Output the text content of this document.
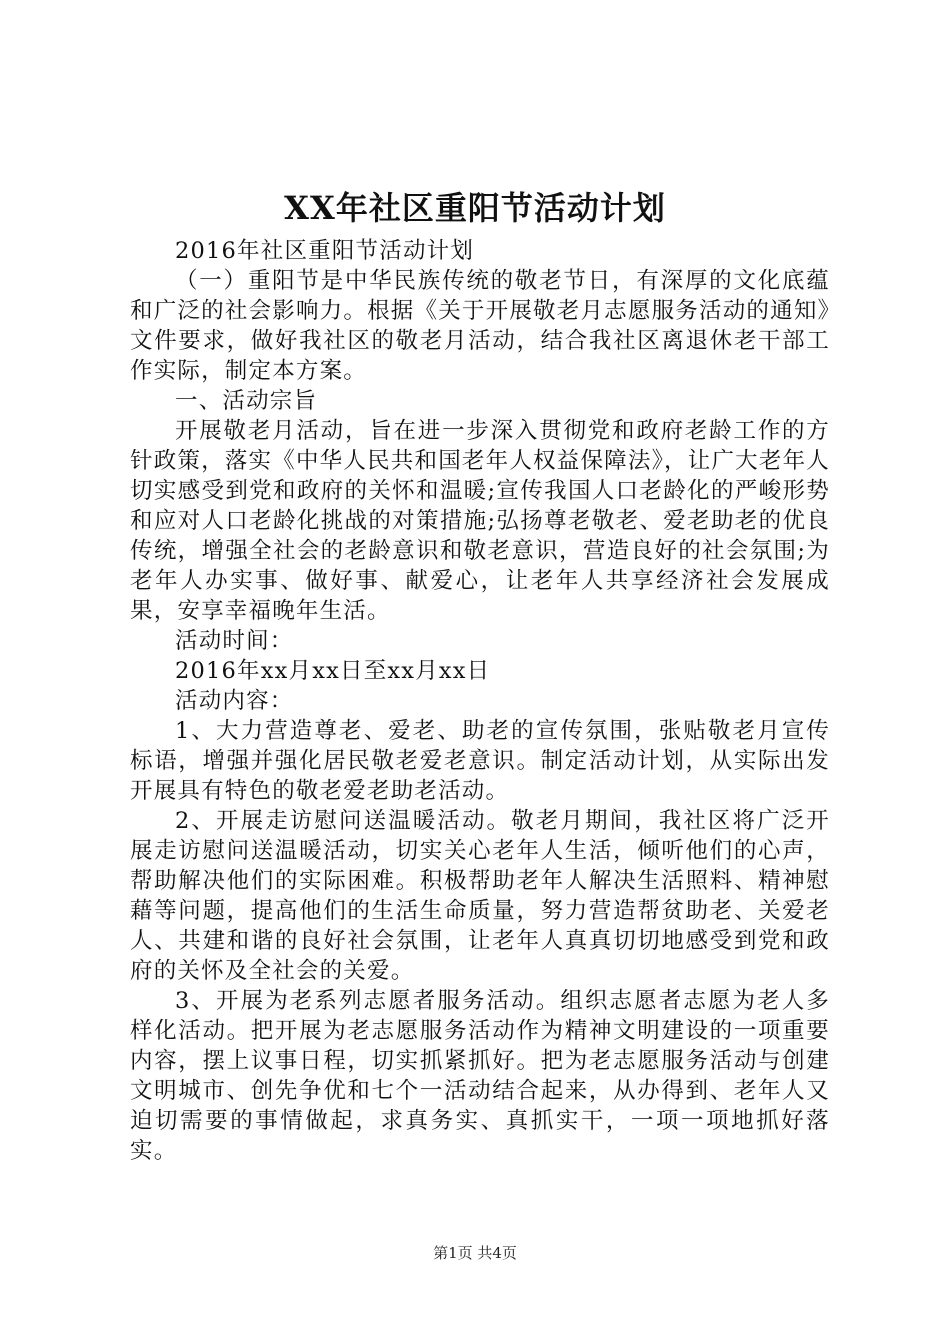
XX年社区重阳节活动计划

2016年社区重阳节活动计划

（一）重阳节是中华民族传统的敬老节日，有深厚的文化底蕴和广泛的社会影响力。根据《关于开展敬老月志愿服务活动的通知》文件要求，做好我社区的敬老月活动，结合我社区离退休老干部工作实际，制定本方案。

一、活动宗旨

开展敬老月活动，旨在进一步深入贯彻党和政府老龄工作的方针政策，落实《中华人民共和国老年人权益保障法》，让广大老年人切实感受到党和政府的关怀和温暖;宣传我国人口老龄化的严峻形势和应对人口老龄化挑战的对策措施;弘扬尊老敬老、爱老助老的优良传统，增强全社会的老龄意识和敬老意识，营造良好的社会氛围;为老年人办实事、做好事、献爱心，让老年人共享经济社会发展成果，安享幸福晚年生活。

活动时间：

2016年xx月xx日至xx月xx日

活动内容：

1、大力营造尊老、爱老、助老的宣传氛围，张贴敬老月宣传标语，增强并强化居民敬老爱老意识。制定活动计划，从实际出发开展具有特色的敬老爱老助老活动。

2、开展走访慰问送温暖活动。敬老月期间，我社区将广泛开展走访慰问送温暖活动，切实关心老年人生活，倾听他们的心声，帮助解决他们的实际困难。积极帮助老年人解决生活照料、精神慰藉等问题，提高他们的生活生命质量，努力营造帮贫助老、关爱老人、共建和谐的良好社会氛围，让老年人真真切切地感受到党和政府的关怀及全社会的关爱。

3、开展为老系列志愿者服务活动。组织志愿者志愿为老人多样化活动。把开展为老志愿服务活动作为精神文明建设的一项重要内容，摆上议事日程，切实抓紧抓好。把为老志愿服务活动与创建文明城市、创先争优和七个一活动结合起来，从办得到、老年人又迫切需要的事情做起，求真务实、真抓实干，一项一项地抓好落实。

第1页 共4页
